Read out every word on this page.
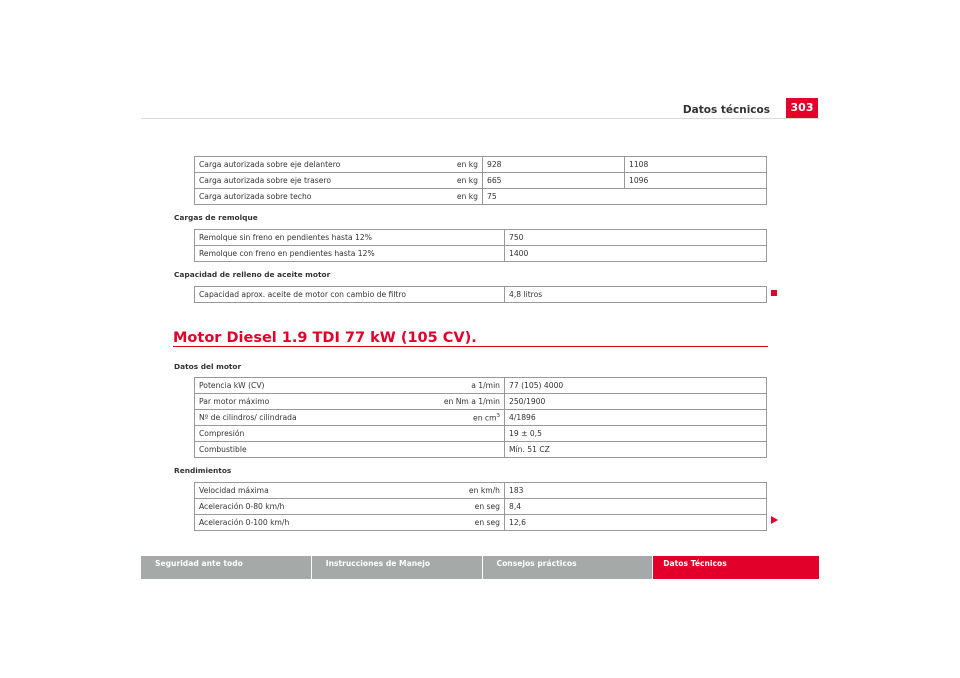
Datos técnicos	303
Carga autorizada sobre eje delantero	en kg	928	1108
Carga autorizada sobre eje trasero	en kg	665	1096
Carga autorizada sobre techo	en kg	75	
Cargas de remolque
Remolque sin freno en pendientes hasta 12%	750
Remolque con freno en pendientes hasta 12%	1400
Capacidad de relleno de aceite motor
Capacidad aprox. aceite de motor con cambio de filtro	4,8 litros
Motor Diesel 1.9 TDI 77 kW (105 CV).
Datos del motor
Potencia kW (CV)	a 1/min	77 (105) 4000
Par motor máximo	en Nm a 1/min	250/1900
Nº de cilindros/ cilindrada	en $cm^3$	4/1896
Compresión		19 ± 0,5
Combustible		Mín. 51 CZ
Rendimientos
Velocidad máxima	en km/h	183
Aceleración 0-80 km/h	en seg	8,4
Aceleración 0-100 km/h	en seg	12,6
Seguridad ante todo	Instrucciones de Manejo	Consejos prácticos	Datos Técnicos
